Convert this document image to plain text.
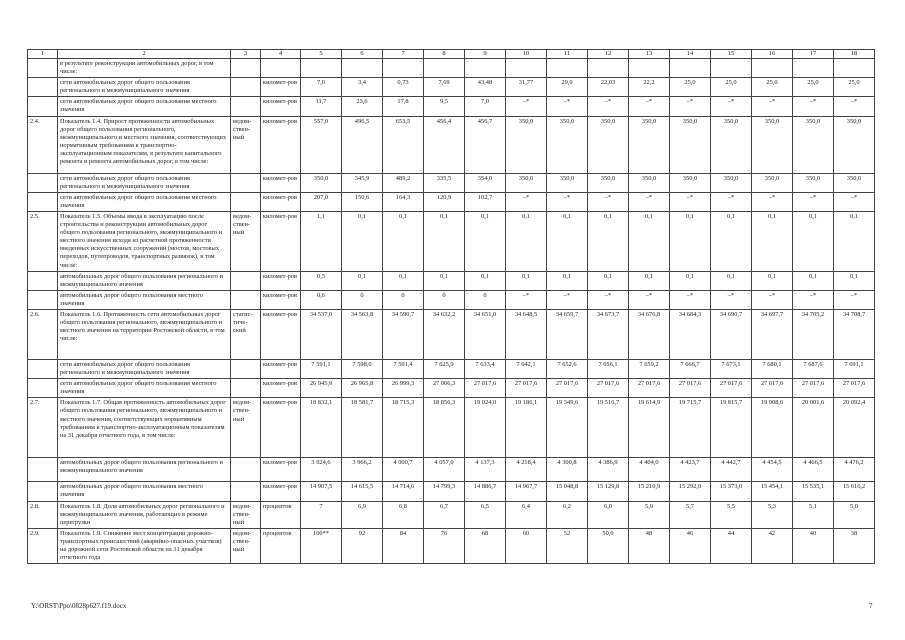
1	2	3	4	5	6	7	8	9	10	11	12	13	14	15	16	17	18
	в результате реконструкции автомобильных дорог, в том числе:																
	сети автомобильных дорог общего пользования регионального и межмуниципального значения		километ-ров	7,0	3,4	0,73	7,69	43,48	31,77	29,0	22,03	22,2	25,0	25,0	25,0	25,0	25,0
	сети автомобильных дорог общего пользования местного значения		километ-ров	11,7	23,6	17,8	9,5	7,0	–*	–*	–*	–*	–*	–*	–*	–*	–*
2.4.	Показатель 1.4. Прирост протяженности автомобильных дорог общего пользования регионального, межмуниципального и местного значения, соответствующих нормативным требованиям к транспортно-эксплуатационным показателям, в результате капитального ремонта и ремонта автомобильных дорог, в том числе:	ведом-ствен-ный	километ-ров	557,0	496,5	653,5	456,4	456,7	350,0	350,0	350,0	350,0	350,0	350,0	350,0	350,0	350,0
	сети автомобильных дорог общего пользования регионального и межмуниципального значения		километ-ров	350,0	345,9	489,2	335,5	354,0	350,0	350,0	350,0	350,0	350,0	350,0	350,0	350,0	350,0
	сети автомобильных дорог общего пользования местного значения		километ-ров	207,0	150,6	164,3	120,9	102,7	–*	–*	–*	–*	–*	–*	–*	–*	–*
2.5.	Показатель 1.5. Объемы ввода в эксплуатацию после строительства и реконструкции автомобильных дорог общего пользования регионального, межмуниципального и местного значения исходя из расчетной протяженности введенных искусственных сооружений (мостов, мостовых переходов, путепроводов, транспортных развязок), в том числе:	ведом-ствен-ный	километ-ров	1,1	0,1	0,1	0,1	0,1	0,1	0,1	0,1	0,1	0,1	0,1	0,1	0,1	0,1
	автомобильных дорог общего пользования регионального и межмуниципального значения		километ-ров	0,5	0,1	0,1	0,1	0,1	0,1	0,1	0,1	0,1	0,1	0,1	0,1	0,1	0,1
	автомобильных дорог общего пользования местного значения		километ-ров	0,6	0	0	0	0	–*	–*	–*	–*	–*	–*	–*	–*	–*
2.6.	Показатель 1.6. Протяженность сети автомобильных дорог общего пользования регионального, межмуниципального и местного значения на территории Ростовской области, в том числе:	статис-тиче-ский	километ-ров	34 537,0	34 563,8	34 590,7	34 632,2	34 651,0	34 648,5	34 659,7	34 673,7	34 676,8	34 684,3	34 690,7	34 697,7	34 705,2	34 708,7
	сети автомобильных дорог общего пользования регионального и межмуниципального значения		километ-ров	7 591,1	7 598,0	7 591,4	7 625,9	7 633,4	7 642,1	7 652,6	7 656,1	7 659,2	7 666,7	7 673,1	7 680,1	7 687,6	7 691,1
	сети автомобильных дорог общего пользования местного значения		километ-ров	26 945,9	26 965,8	26 999,3	27 006,3	27 017,6	27 017,6	27 017,6	27 017,6	27 017,6	27 017,6	27 017,6	27 017,6	27 017,6	27 017,6
2.7.	Показатель 1.7. Общая протяженность автомобильных дорог общего пользования регионального, межмуниципального и местного значения, соответствующих нормативным требованиям к транспортно-эксплуатационным показателям на 31 декабря отчетного года, в том числе:	ведом-ствен-ный	километ-ров	18 832,1	18 581,7	18 715,3	18 856,3	19 024,0	19 186,1	19 349,6	19 516,7	19 614,9	19 715,7	19 815,7	19 908,6	20 001,6	20 092,4
	автомобильных дорог общего пользования регионального и межмуниципального значения		километ-ров	3 924,6	3 966,2	4 000,7	4 057,0	4 137,3	4 218,4	4 300,8	4 386,9	4 404,0	4 423,7	4 442,7	4 454,5	4 466,5	4 476,2
	автомобильных дорог общего пользования местного значения		километ-ров	14 907,5	14 615,5	14 714,6	14 799,3	14 886,7	14 967,7	15 048,8	15 129,8	15 210,9	15 292,0	15 373,0	15 454,1	15 535,1	15 616,2
2.8.	Показатель 1.8. Доля автомобильных дорог регионального и межмуниципального значения, работающих в режиме перегрузки	ведом-ствен-ный	процентов	7	6,9	6,8	6,7	6,5	6,4	6,2	6,0	5,9	5,7	5,5	5,3	5,1	5,0
2.9.	Показатель 1.9. Снижение мест концентрации дорожно-транспортных происшествий (аварийно-опасных участков) на дорожной сети Ростовской области на 31 декабря отчетного года	ведом-ствен-ный	процентов	100**	92	84	76	68	60	52	50,0	48	46	44	42	40	38
Y:\ORST\Ppo\0828p627.f19.docx	7
